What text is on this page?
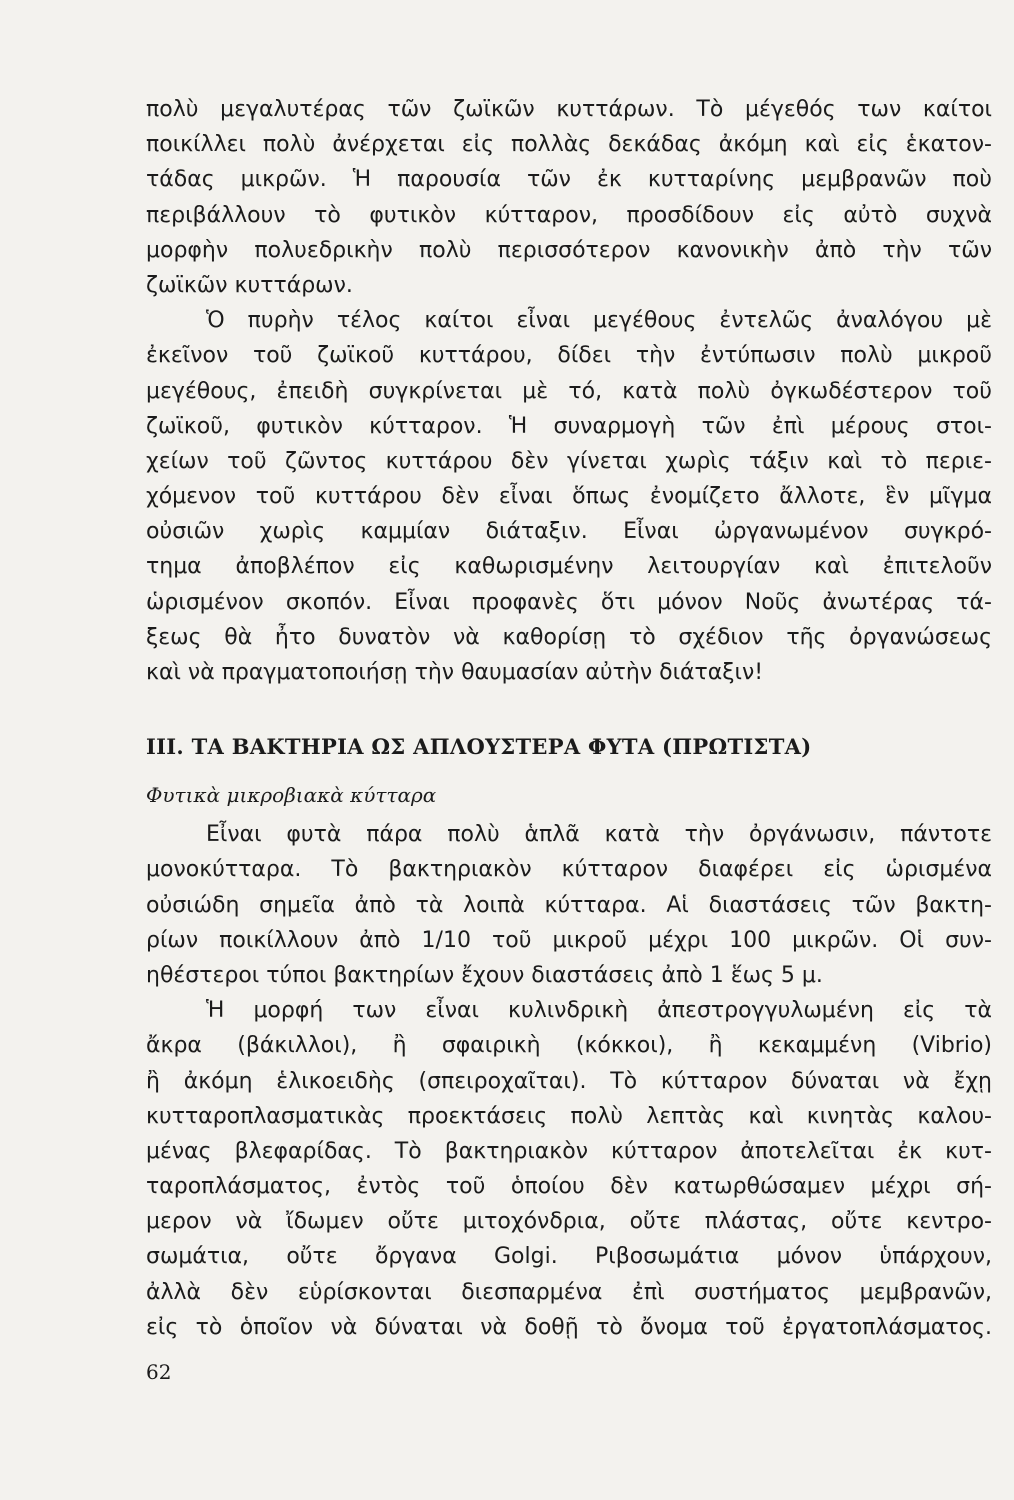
πολὺ μεγαλυτέρας τῶν ζωϊκῶν κυττάρων. Τὸ μέγεθός των καίτοι
ποικίλλει πολὺ ἀνέρχεται εἰς πολλὰς δεκάδας ἀκόμη καὶ εἰς ἑκατον-
τάδας μικρῶν. Ἡ παρουσία τῶν ἐκ κυτταρίνης μεμβρανῶν ποὺ
περιβάλλουν τὸ φυτικὸν κύτταρον, προσδίδουν εἰς αὐτὸ συχνὰ
μορφὴν πολυεδρικὴν πολὺ περισσότερον κανονικὴν ἀπὸ τὴν τῶν
ζωϊκῶν κυττάρων.
Ὁ πυρὴν τέλος καίτοι εἶναι μεγέθους ἐντελῶς ἀναλόγου μὲ
ἐκεῖνον τοῦ ζωϊκοῦ κυττάρου, δίδει τὴν ἐντύπωσιν πολὺ μικροῦ
μεγέθους, ἐπειδὴ συγκρίνεται μὲ τό, κατὰ πολὺ ὀγκωδέστερον τοῦ
ζωϊκοῦ, φυτικὸν κύτταρον. Ἡ συναρμογὴ τῶν ἐπὶ μέρους στοι-
χείων τοῦ ζῶντος κυττάρου δὲν γίνεται χωρὶς τάξιν καὶ τὸ περιε-
χόμενον τοῦ κυττάρου δὲν εἶναι ὅπως ἐνομίζετο ἄλλοτε, ἓν μῖγμα
οὐσιῶν χωρὶς καμμίαν διάταξιν. Εἶναι ὠργανωμένον συγκρό-
τημα ἀποβλέπον εἰς καθωρισμένην λειτουργίαν καὶ ἐπιτελοῦν
ὡρισμένον σκοπόν. Εἶναι προφανὲς ὅτι μόνον Νοῦς ἀνωτέρας τά-
ξεως θὰ ἦτο δυνατὸν νὰ καθορίσῃ τὸ σχέδιον τῆς ὀργανώσεως
καὶ νὰ πραγματοποιήσῃ τὴν θαυμασίαν αὐτὴν διάταξιν!
III. ΤΑ ΒΑΚΤΗΡΙΑ ΩΣ ΑΠΛΟΥΣΤΕΡΑ ΦΥΤΑ (ΠΡΩΤΙΣΤΑ)
Φυτικὰ μικροβιακὰ κύτταρα
Εἶναι φυτὰ πάρα πολὺ ἁπλᾶ κατὰ τὴν ὀργάνωσιν, πάντοτε
μονοκύτταρα. Τὸ βακτηριακὸν κύτταρον διαφέρει εἰς ὡρισμένα
οὐσιώδη σημεῖα ἀπὸ τὰ λοιπὰ κύτταρα. Αἱ διαστάσεις τῶν βακτη-
ρίων ποικίλλουν ἀπὸ 1/10 τοῦ μικροῦ μέχρι 100 μικρῶν. Οἱ συν-
ηθέστεροι τύποι βακτηρίων ἔχουν διαστάσεις ἀπὸ 1 ἕως 5 μ.
Ἡ μορφή των εἶναι κυλινδρικὴ ἀπεστρογγυλωμένη εἰς τὰ
ἄκρα (βάκιλλοι), ἢ σφαιρικὴ (κόκκοι), ἢ κεκαμμένη (Vibrio)
ἢ ἀκόμη ἑλικοειδὴς (σπειροχαῖται). Τὸ κύτταρον δύναται νὰ ἔχῃ
κυτταροπλασματικὰς προεκτάσεις πολὺ λεπτὰς καὶ κινητὰς καλου-
μένας βλεφαρίδας. Τὸ βακτηριακὸν κύτταρον ἀποτελεῖται ἐκ κυτ-
ταροπλάσματος, ἐντὸς τοῦ ὁποίου δὲν κατωρθώσαμεν μέχρι σή-
μερον νὰ ἴδωμεν οὔτε μιτοχόνδρια, οὔτε πλάστας, οὔτε κεντρο-
σωμάτια, οὔτε ὄργανα Golgi. Ριβοσωμάτια μόνον ὑπάρχουν,
ἀλλὰ δὲν εὑρίσκονται διεσπαρμένα ἐπὶ συστήματος μεμβρανῶν,
εἰς τὸ ὁποῖον νὰ δύναται νὰ δοθῇ τὸ ὄνομα τοῦ ἐργατοπλάσματος.
62
